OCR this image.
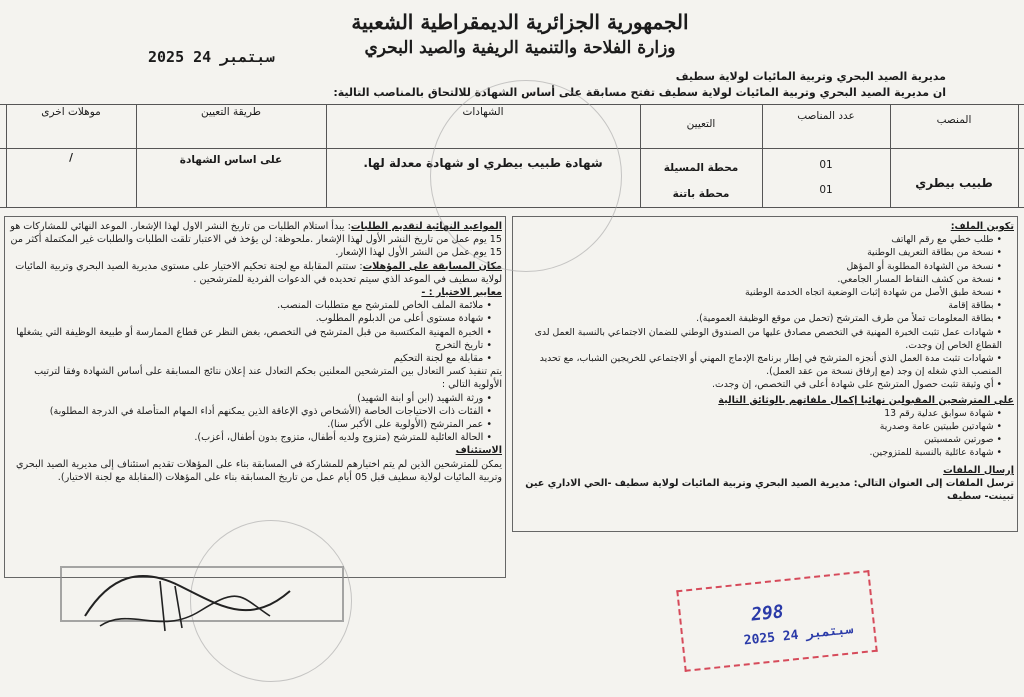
الجمهورية الجزائرية الديمقراطية الشعبية
وزارة الفلاحة والتنمية الريفية والصيد البحري
2025 سبتمبر 24
مديرية الصيد البحري وتربية المائيات لولاية سطيف
ان مديرية الصيد البحري وتربية المائيات لولاية سطيف تفتح مسابقة على أساس الشهادة للالتحاق بالمناصب التالية:
المنصب
عدد المناصب
التعيين
الشهادات
طريقة التعيين
موهلات اخرى
طبيب بيطري
01
محطة المسيلة
01
محطة باتنة
شهادة طبيب بيطري او شهادة معدلة لها.
على اساس الشهادة
/
تكوين الملف:
• طلب خطي مع رقم الهاتف
• نسخة من بطاقة التعريف الوطنية
• نسخة من الشهادة المطلوبة أو المؤهل
• نسخة من كشف النقاط المسار الجامعي.
• نسخة طبق الأصل من شهادة إثبات الوضعية اتجاه الخدمة الوطنية
• بطاقة إقامة
• بطاقة المعلومات تملأ من طرف المترشح (تحمل من موقع الوظيفة العمومية).
• شهادات عمل تثبت الخبرة المهنية في التخصص مصادق عليها من الصندوق الوطني للضمان الاجتماعي بالنسبة العمل لدى القطاع الخاص إن وجدت.
• شهادات تثبت مدة العمل الذي أنجزه المترشح في إطار برنامج الإدماج المهني أو الاجتماعي للخريجين الشباب، مع تحديد المنصب الذي شغله إن وجد (مع إرفاق نسخة من عقد العمل).
• أي وثيقة تثبت حصول المترشح على شهادة أعلى في التخصص، إن وجدت.
على المترشحين المقبولين نهائيا إكمال ملفاتهم بالوثائق التالية
• شهادة سوابق عدلية رقم 13
• شهادتين طبيتين عامة وصدرية
• صورتين شمسيتين
• شهادة عائلية بالنسبة للمتزوجين.
إرسال الملفات
ترسل الملفات إلى العنوان التالي: مديرية الصيد البحري وتربية المائيات لولاية سطيف -الحي الاداري عين تبينت- سطيف

المواعيد النهائية لتقديم الطلبات: يبدأ استلام الطلبات من تاريخ النشر الاول لهذا الإشعار. الموعد النهائي للمشاركات هو 15 يوم عمل من تاريخ النشر الأول لهذا الإشعار .ملحوظة: لن يؤخذ في الاعتبار تلقت الطلبات والطلبات غير المكتملة أكثر من 15 يوم عمل من النشر الأول لهذا الإشعار.

مكان المسابقة على المؤهلات: ستتم المقابلة مع لجنة تحكيم الاختيار على مستوى مديرية الصيد البحري وتربية المائيات لولاية سطيف في الموعد الذي سيتم تحديده في الدعوات الفردية للمترشحين .

معايير الاختيار : -
• ملائمة الملف الخاص للمترشح مع متطلبات المنصب.
• شهادة مستوى أعلى من الدبلوم المطلوب.
• الخبرة المهنية المكتسبة من قبل المترشح في التخصص، بغض النظر عن قطاع الممارسة أو طبيعة الوظيفة التي يشغلها
• تاريخ التخرج
• مقابلة مع لجنة التحكيم
يتم تنفيذ كسر التعادل بين المترشحين المعلنين بحكم التعادل عند إعلان نتائج المسابقة على أساس الشهادة وفقا لترتيب الأولوية التالي :
• ورثة الشهيد (ابن أو ابنة الشهيد)
• الفئات ذات الاحتياجات الخاصة (الأشخاص ذوي الإعاقة الذين يمكنهم أداء المهام المتأصلة في الدرجة المطلوبة)
• عمر المترشح (الأولوية على الأكبر سنا).
• الحالة العائلية للمترشح (متزوج ولديه أطفال، متزوج بدون أطفال، أعزب).
الاستئناف
يمكن للمترشحين الذين لم يتم اختيارهم للمشاركة في المسابقة بناء على المؤهلات تقديم استئناف إلى مديرية الصيد البحري وتربية المائيات لولاية سطيف قبل 05 أيام عمل من تاريخ المسابقة بناء على المؤهلات (المقابلة مع لجنة الاختيار).
298
2025 سبتمبر 24
